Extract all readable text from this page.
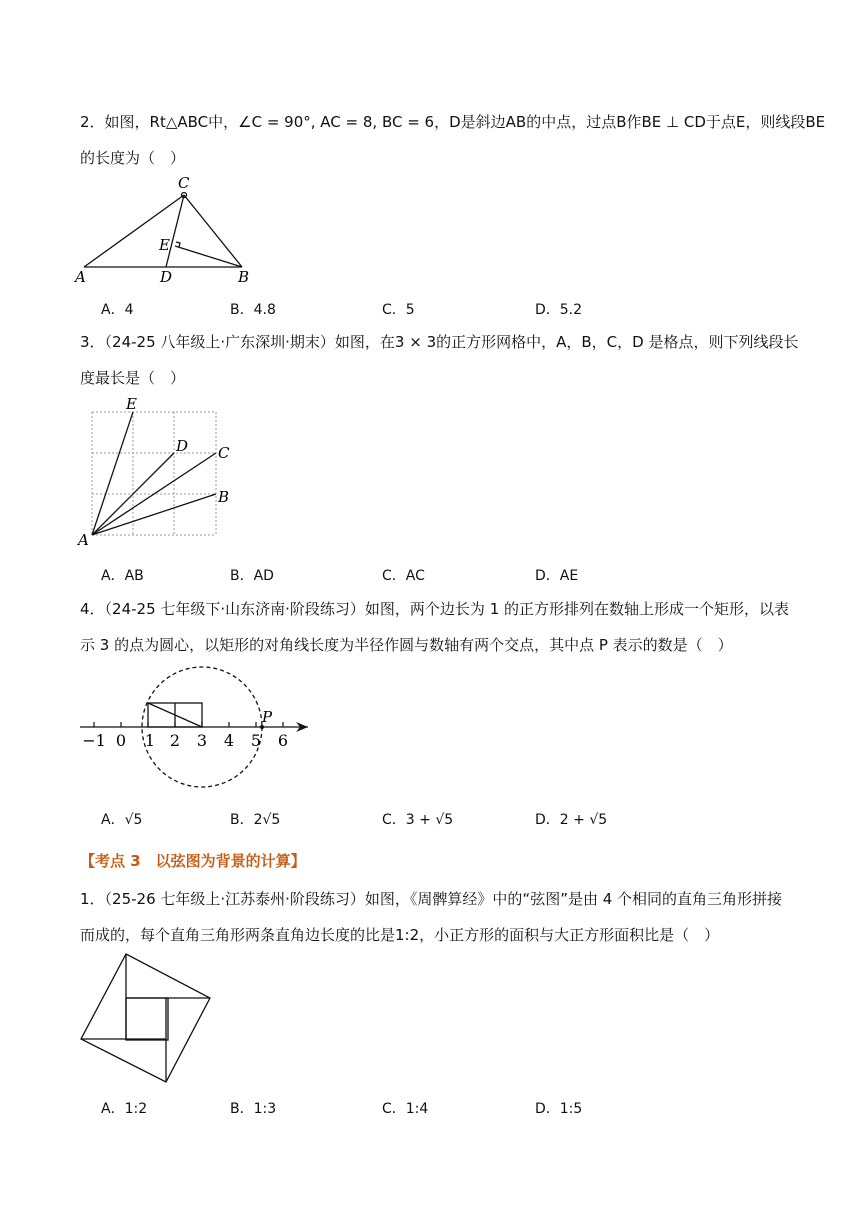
2．如图，Rt△ABC中，∠C = 90°, AC = 8, BC = 6，D是斜边AB的中点，过点B作BE ⊥ CD于点E，则线段BE
的长度为（　）
C
A	D	B
E
A．4	B．4.8	C．5	D．5.2
3．（24-25 八年级上·广东深圳·期末）如图，在3 × 3的正方形网格中，A，B，C，D 是格点，则下列线段长
度最长是（　）
A
B
C
D
E
A．AB	B．AD	C．AC	D．AE
4．（24-25 七年级下·山东济南·阶段练习）如图，两个边长为 1 的正方形排列在数轴上形成一个矩形，以表
示 3 的点为圆心，以矩形的对角线长度为半径作圆与数轴有两个交点，其中点 P 表示的数是（　）
P
−1 0 1 2 3 4 5 6
A．√5	B．2√5	C．3 + √5	D．2 + √5
【考点 3　以弦图为背景的计算】
1．（25-26 七年级上·江苏泰州·阶段练习）如图，《周髀算经》中的“弦图”是由 4 个相同的直角三角形拼接
而成的，每个直角三角形两条直角边长度的比是1:2，小正方形的面积与大正方形面积比是（　）
A．1:2	B．1:3	C．1:4	D．1:5
